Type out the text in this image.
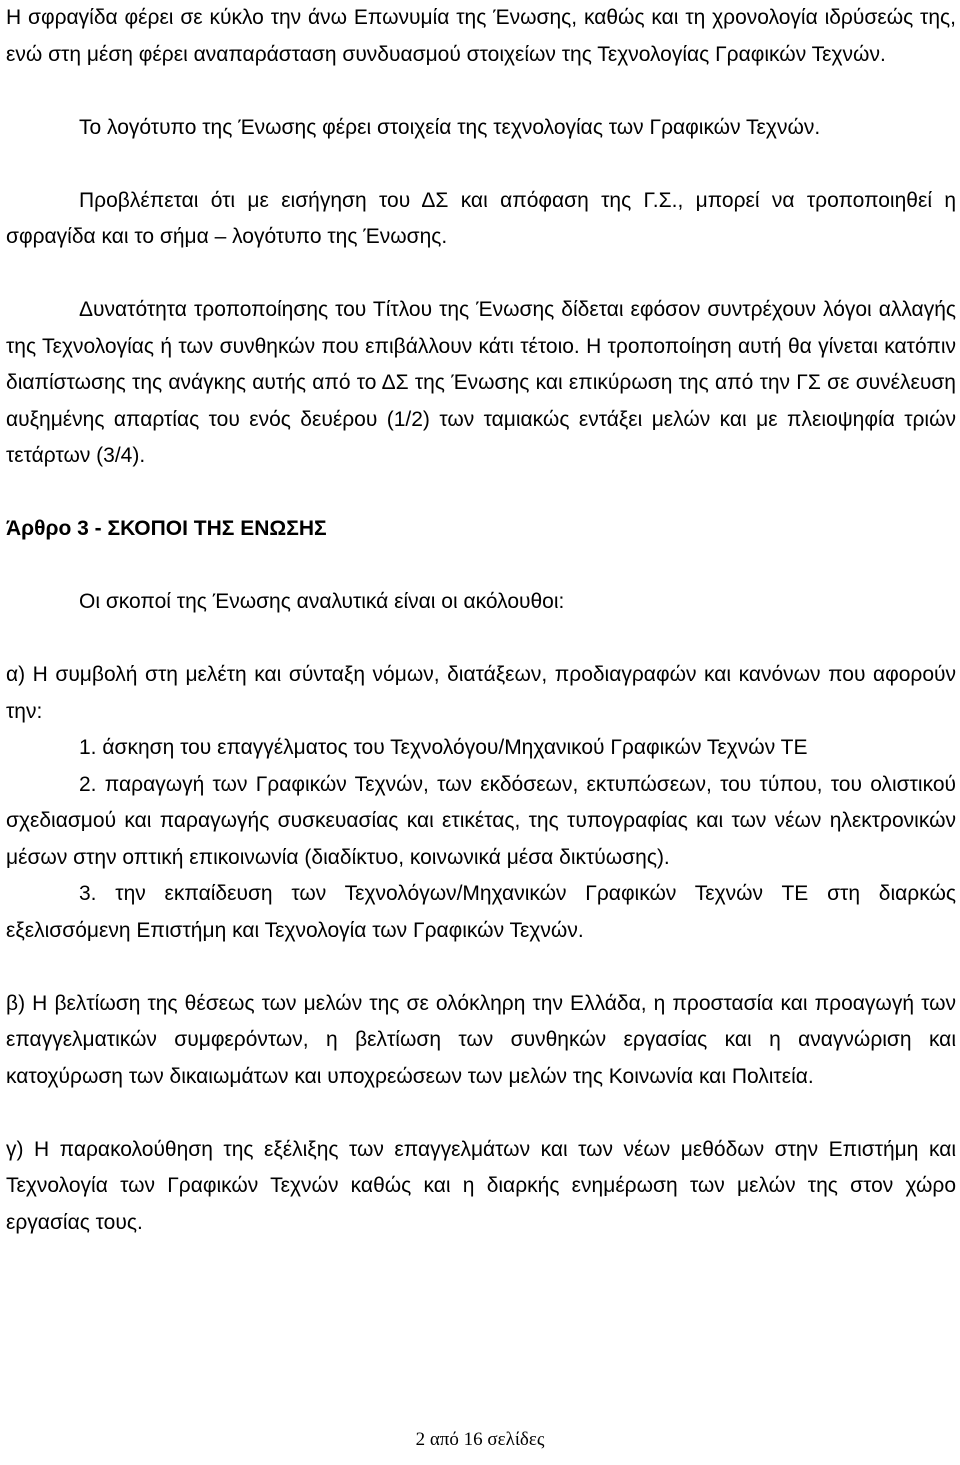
Η σφραγίδα φέρει σε κύκλο την άνω Επωνυμία της Ένωσης, καθώς και τη χρονολογία ιδρύσεώς της, ενώ στη μέση φέρει αναπαράσταση συνδυασμού στοιχείων της Τεχνολογίας Γραφικών Τεχνών.

Το λογότυπο της Ένωσης φέρει στοιχεία της τεχνολογίας των Γραφικών Τεχνών.

Προβλέπεται ότι με εισήγηση του ΔΣ και απόφαση της Γ.Σ., μπορεί να τροποποιηθεί η σφραγίδα και το σήμα – λογότυπο της Ένωσης.

Δυνατότητα τροποποίησης του Τίτλου της Ένωσης δίδεται εφόσον συντρέχουν λόγοι αλλαγής της Τεχνολογίας ή των συνθηκών που επιβάλλουν κάτι τέτοιο. Η τροποποίηση αυτή θα γίνεται κατόπιν διαπίστωσης της ανάγκης αυτής από το ΔΣ της Ένωσης και επικύρωση της από την ΓΣ σε συνέλευση αυξημένης απαρτίας του ενός δευέρου (1/2) των ταμιακώς εντάξει μελών και με πλειοψηφία τριών τετάρτων (3/4).

Άρθρο 3 - ΣΚΟΠΟΙ ΤΗΣ ΕΝΩΣΗΣ

Οι σκοποί της Ένωσης αναλυτικά είναι οι ακόλουθοι:

α) Η συμβολή στη μελέτη και σύνταξη νόμων, διατάξεων, προδιαγραφών και κανόνων που αφορούν την:

1. άσκηση του επαγγέλματος του Τεχνολόγου/Μηχανικού Γραφικών Τεχνών ΤΕ

2. παραγωγή των Γραφικών Τεχνών, των εκδόσεων, εκτυπώσεων, του τύπου, του ολιστικού σχεδιασμού και παραγωγής συσκευασίας και ετικέτας, της τυπογραφίας και των νέων ηλεκτρονικών μέσων στην οπτική επικοινωνία (διαδίκτυο, κοινωνικά μέσα δικτύωσης).

3. την εκπαίδευση των Τεχνολόγων/Μηχανικών Γραφικών Τεχνών ΤΕ στη διαρκώς εξελισσόμενη Επιστήμη και Τεχνολογία των Γραφικών Τεχνών.

β) Η βελτίωση της θέσεως των μελών της σε ολόκληρη την Ελλάδα, η προστασία και προαγωγή των επαγγελματικών συμφερόντων, η βελτίωση των συνθηκών εργασίας και η αναγνώριση και κατοχύρωση των δικαιωμάτων και υποχρεώσεων των μελών της Κοινωνία και Πολιτεία.

γ) Η παρακολούθηση της εξέλιξης των επαγγελμάτων και των νέων μεθόδων στην Επιστήμη και Τεχνολογία των Γραφικών Τεχνών καθώς και η διαρκής ενημέρωση των μελών της στον χώρο εργασίας τους.

2 από 16 σελίδες
